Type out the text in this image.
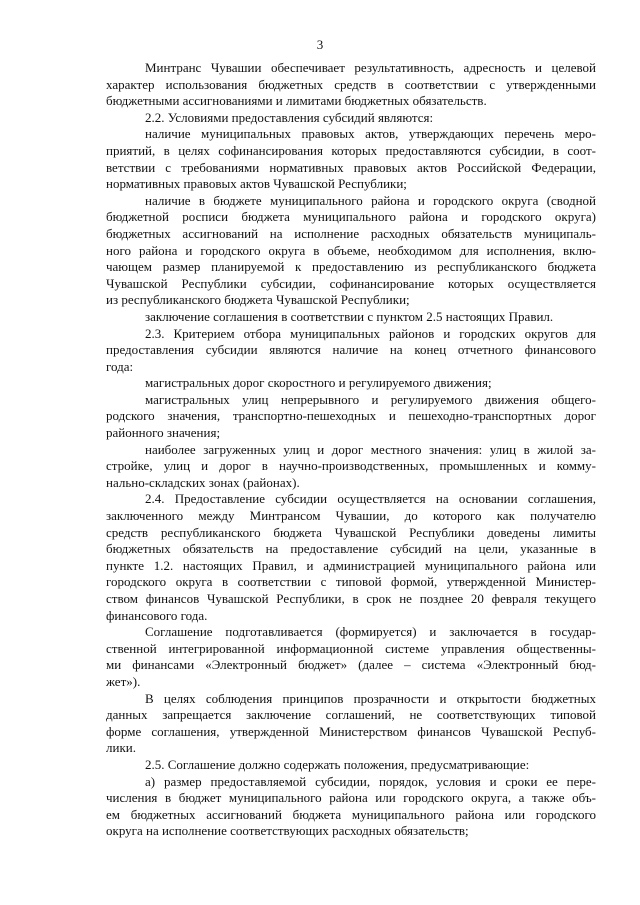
3
Минтранс Чувашии обеспечивает результативность, адресность и целевой
характер использования бюджетных средств в соответствии с утвержденными
бюджетными ассигнованиями и лимитами бюджетных обязательств.
2.2. Условиями предоставления субсидий являются:
наличие муниципальных правовых актов, утверждающих перечень меро-
приятий, в целях софинансирования которых предоставляются субсидии, в соот-
ветствии с требованиями нормативных правовых актов Российской Федерации,
нормативных правовых актов Чувашской Республики;
наличие в бюджете муниципального района и городского округа (сводной
бюджетной росписи бюджета муниципального района и городского округа)
бюджетных ассигнований на исполнение расходных обязательств муниципаль-
ного района и городского округа в объеме, необходимом для исполнения, вклю-
чающем размер планируемой к предоставлению из республиканского бюджета
Чувашской Республики субсидии, софинансирование которых осуществляется
из республиканского бюджета Чувашской Республики;
заключение соглашения в соответствии с пунктом 2.5 настоящих Правил.
2.3. Критерием отбора муниципальных районов и городских округов для
предоставления субсидии являются наличие на конец отчетного финансового
года:
магистральных дорог скоростного и регулируемого движения;
магистральных улиц непрерывного и регулируемого движения общего-
родского значения, транспортно-пешеходных и пешеходно-транспортных дорог
районного значения;
наиболее загруженных улиц и дорог местного значения: улиц в жилой за-
стройке, улиц и дорог в научно-производственных, промышленных и комму-
нально-складских зонах (районах).
2.4. Предоставление субсидии осуществляется на основании соглашения,
заключенного между Минтрансом Чувашии, до которого как получателю
средств республиканского бюджета Чувашской Республики доведены лимиты
бюджетных обязательств на предоставление субсидий на цели, указанные в
пункте 1.2. настоящих Правил, и администрацией муниципального района или
городского округа в соответствии с типовой формой, утвержденной Министер-
ством финансов Чувашской Республики, в срок не позднее 20 февраля текущего
финансового года.
Соглашение подготавливается (формируется) и заключается в государ-
ственной интегрированной информационной системе управления общественны-
ми финансами «Электронный бюджет» (далее – система «Электронный бюд-
жет»).
В целях соблюдения принципов прозрачности и открытости бюджетных
данных запрещается заключение соглашений, не соответствующих типовой
форме соглашения, утвержденной Министерством финансов Чувашской Респуб-
лики.
2.5. Соглашение должно содержать положения, предусматривающие:
а) размер предоставляемой субсидии, порядок, условия и сроки ее пере-
числения в бюджет муниципального района или городского округа, а также объ-
ем бюджетных ассигнований бюджета муниципального района или городского
округа на исполнение соответствующих расходных обязательств;
